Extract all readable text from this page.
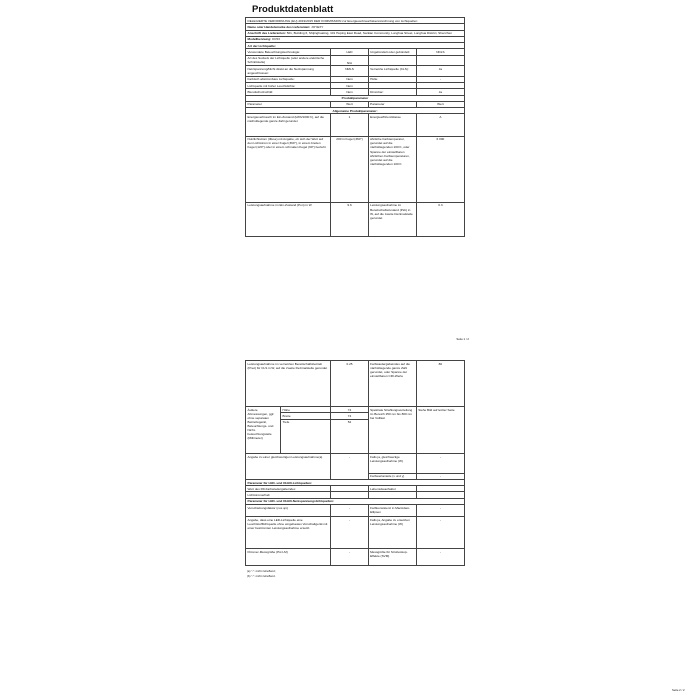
Produktdatenblatt
DELEGIERTE VERORDNUNG (EU) 2019/2015 DER KOMMISSION zur Energieverbrauchskennzeichnung von Lichtquellen			
Name oder Handelsmarke des Lieferanten: JOYEXY			
Anschrift des Lieferanten: 501, Building 6, Shijinghuating, 101 Heping East Road, Sanlian Community, Longhua Street, Longhua District, Shenzhen			
Modellkennung: KC53			
Art der Lichtquelle:			
Verwendete Beleuchtungstechnologie:	LED	Ungebündelt oder gebündelt:	NDLS
Art des Sockels der Lichtquelle (oder andere elektrische Schnittstelle)	N/A		
Netzspannung/Nicht direkt an die Netzspannung angeschlossen:	NMLS	Vernetzte Lichtquelle (CLS):	Ja
Farbisch abstimmbare Lichtquelle:	Nein	Hülle:	-
Lichtquelle mit hoher Leuchtdichte:	Nein		
Blendschutzschild:	Nein	Dimmbar:	Ja
Produktparameter			
Parameter	Wert	Parameter	Wert
Allgemeine Produktparameter:			
Energieverbrauch im Ein-Zustand (kWh/1000 h), auf die nächstliegende ganze Zahl gerundet	1	Energieeffizienzklasse	A
Nutzlichtstrom (Φuse) mit Angabe, ob sich der Wert auf den Lichtstrom in einer Kugel (360°), in einem breiten Kegel (120°) oder in einem schmalen Kegel (90°) bezieht	200 in Kugel (360°)	ähnliche Farbtemperatur, gerundet auf die nächstliegenden 100 K, oder Spanne der einstellbaren ähnlichen Farbtemperaturen, gerundet auf die nächstliegenden 100 K	6 000
Leistungsaufnahme im Ein-Zustand (Pon) in W	9.6	Leistungsaufnahme im Bereitschaftszustand (Psb) in W, auf die zweite Dezimalstelle gerundet	0.3
Seite 1 / 2
Leistungsaufnahme im vernetzten Bereitschaftsbetrieb (Pnet) für CLS in W, auf die zweite Dezimalstelle gerundet		0.25	Farbwiedergabeindex auf die nächstliegende ganze Zahl gerundet, oder Spanne der einstellbaren CRI-Werte	80
Äußere Abmessungen, ggf. ohne separaten Betriebsgerät, Beleuchtungs- und Nicht-beleuchtungsteile (Millimeter)	Höhe	74	Spektrale Strahlungsverteilung im Bereich 250 nm bis 800 nm bei Volllast	Siehe Bild auf letzter Seite
	Breite	74		
	Tiefe	52		
Angabe zu einer gleichwertigen Leistungsaufnahme(a)		-	Falls ja, gleichwertige Leistungsaufnahme (W)	-
			Farbwertanteile (x und y)	-
Parameter für LED- und OLED-Lichtquellen:				
Wert des R9-Farbwiedergabeindex			Lebensdauerfaktor	
Lichtstromerhalt				
Parameter für LED- und OLED-Netzspannungslichtquellen:				
Verschiebungsfaktor (cos φ1)		-	Farbkonsistenz in MacAdam-Ellipsen	-
Angabe, dass eine LED-Lichtquelle eine Leuchtstofflichtquelle ohne eingebautes Vorschaltgerät mit einer bestimmten Leistungsaufnahme ersetzt.		-	Falls ja, Angabe zu ersetzten Leistungsaufnahme (W)	-
Flimmer-Messgröße (Pst LM)		-	Messgröße für Stroboskop-Effekte (SVM)	-
(a) "-": nicht zutreffend;
(b) "-": nicht zutreffend.
Seite 2 / 2
